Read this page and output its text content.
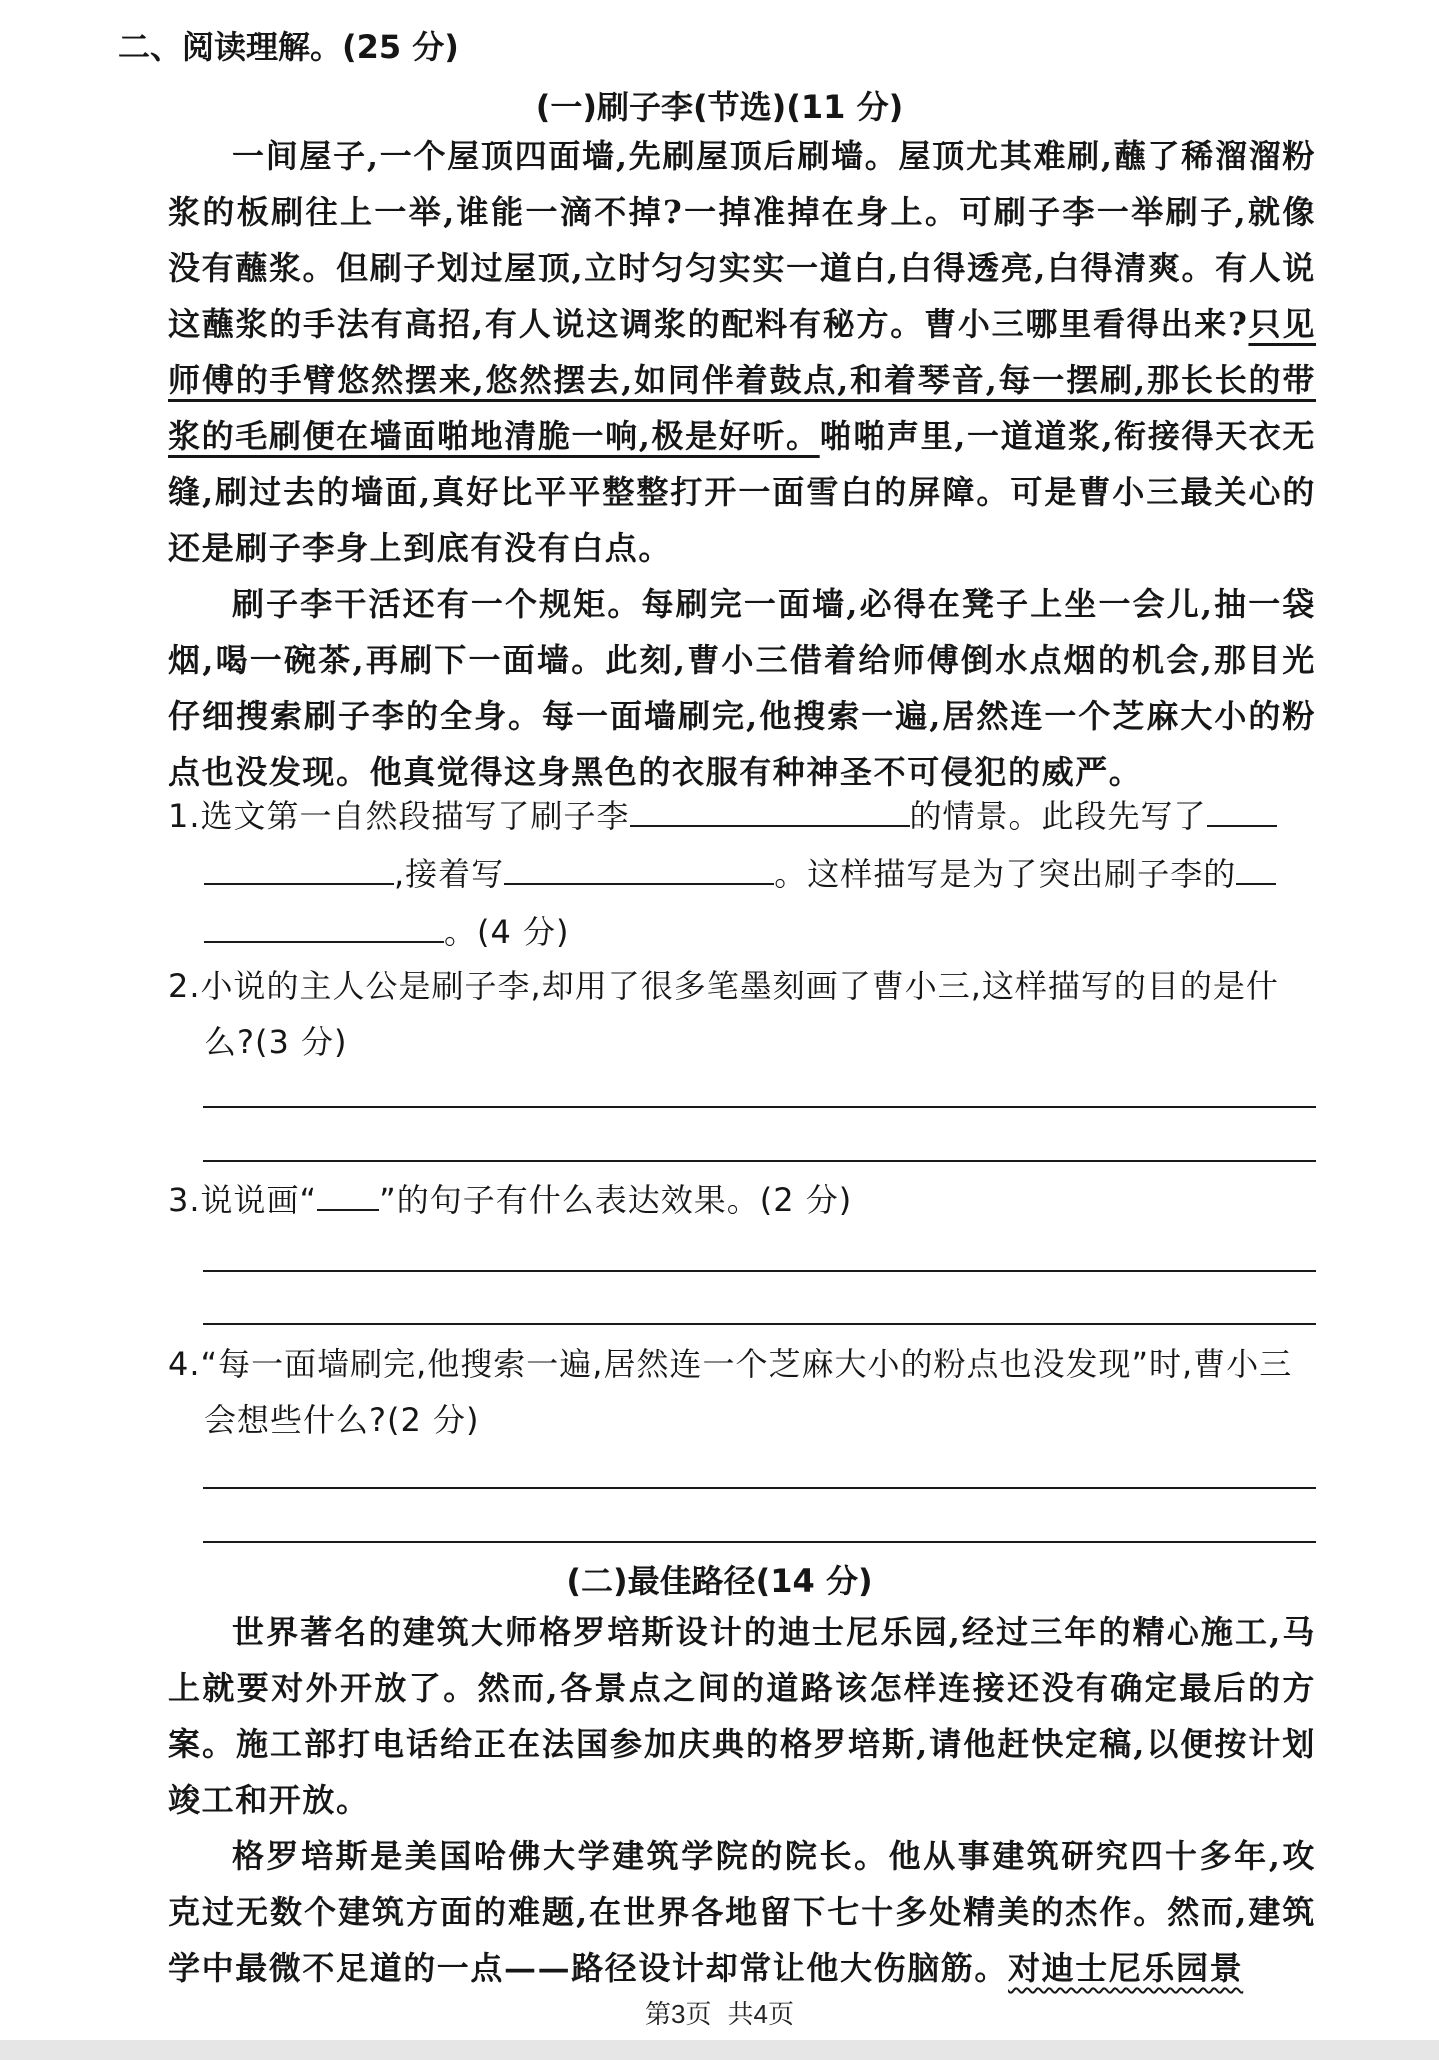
二、阅读理解。(25 分)
(一)刷子李(节选)(11 分)

一间屋子,一个屋顶四面墙,先刷屋顶后刷墙。屋顶尤其难刷,蘸了稀溜溜粉浆的板刷往上一举,谁能一滴不掉?一掉准掉在身上。可刷子李一举刷子,就像没有蘸浆。但刷子划过屋顶,立时匀匀实实一道白,白得透亮,白得清爽。有人说这蘸浆的手法有高招,有人说这调浆的配料有秘方。曹小三哪里看得出来?只见师傅的手臂悠然摆来,悠然摆去,如同伴着鼓点,和着琴音,每一摆刷,那长长的带浆的毛刷便在墙面啪地清脆一响,极是好听。啪啪声里,一道道浆,衔接得天衣无缝,刷过去的墙面,真好比平平整整打开一面雪白的屏障。可是曹小三最关心的还是刷子李身上到底有没有白点。

刷子李干活还有一个规矩。每刷完一面墙,必得在凳子上坐一会儿,抽一袋烟,喝一碗茶,再刷下一面墙。此刻,曹小三借着给师傅倒水点烟的机会,那目光仔细搜索刷子李的全身。每一面墙刷完,他搜索一遍,居然连一个芝麻大小的粉点也没发现。他真觉得这身黑色的衣服有种神圣不可侵犯的威严。

1.选文第一自然段描写了刷子李	的情景。此段先写了
,接着写	。这样描写是为了突出刷子李的
。(4 分)
2.小说的主人公是刷子李,却用了很多笔墨刻画了曹小三,这样描写的目的是什么?(3 分)
3.说说画“ ”的句子有什么表达效果。(2 分)
4.“每一面墙刷完,他搜索一遍,居然连一个芝麻大小的粉点也没发现”时,曹小三会想些什么?(2 分)
(二)最佳路径(14 分)

世界著名的建筑大师格罗培斯设计的迪士尼乐园,经过三年的精心施工,马上就要对外开放了。然而,各景点之间的道路该怎样连接还没有确定最后的方案。施工部打电话给正在法国参加庆典的格罗培斯,请他赶快定稿,以便按计划竣工和开放。

格罗培斯是美国哈佛大学建筑学院的院长。他从事建筑研究四十多年,攻克过无数个建筑方面的难题,在世界各地留下七十多处精美的杰作。然而,建筑学中最微不足道的一点——路径设计却常让他大伤脑筋。对迪士尼乐园景

第3页 共4页
